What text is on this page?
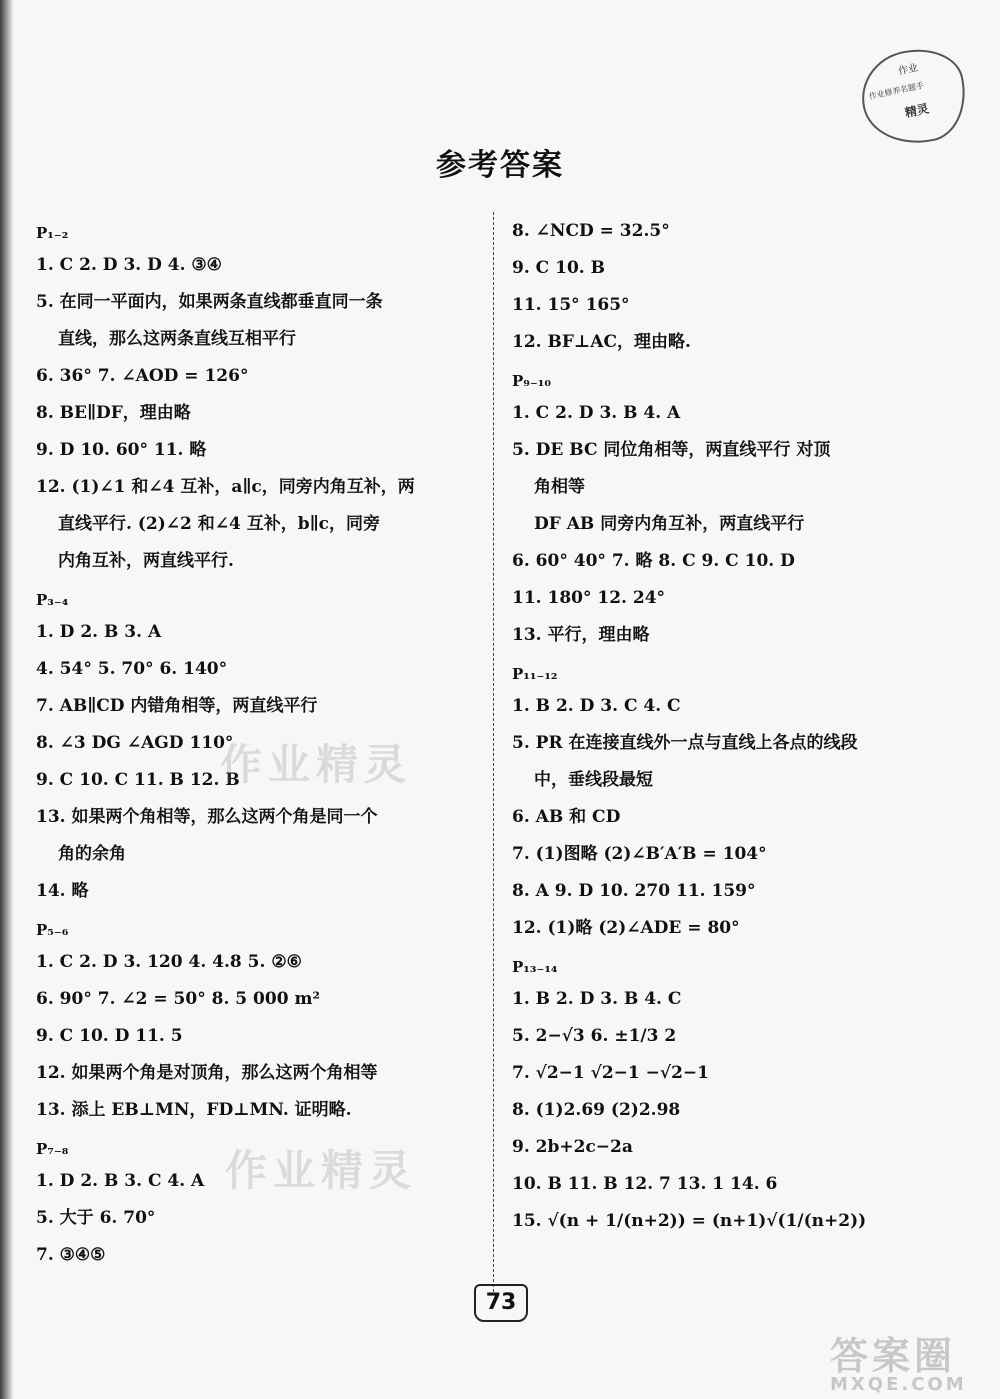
作业
作业修养名题手
精灵
参考答案
P₁₋₂
1. C 2. D 3. D 4. ③④
5. 在同一平面内，如果两条直线都垂直同一条
直线，那么这两条直线互相平行
6. 36° 7. ∠AOD = 126°
8. BE∥DF，理由略
9. D 10. 60° 11. 略
12. (1)∠1 和∠4 互补，a∥c，同旁内角互补，两
直线平行. (2)∠2 和∠4 互补，b∥c，同旁
内角互补，两直线平行.
P₃₋₄
1. D 2. B 3. A
4. 54° 5. 70° 6. 140°
7. AB∥CD 内错角相等，两直线平行
8. ∠3 DG ∠AGD 110°
9. C 10. C 11. B 12. B
13. 如果两个角相等，那么这两个角是同一个
角的余角
14. 略
P₅₋₆
1. C 2. D 3. 120 4. 4.8 5. ②⑥
6. 90° 7. ∠2 = 50° 8. 5 000 m²
9. C 10. D 11. 5
12. 如果两个角是对顶角，那么这两个角相等
13. 添上 EB⊥MN，FD⊥MN. 证明略.
P₇₋₈
1. D 2. B 3. C 4. A
5. 大于 6. 70°
7. ③④⑤
8. ∠NCD = 32.5°
9. C 10. B
11. 15° 165°
12. BF⊥AC，理由略.
P₉₋₁₀
1. C 2. D 3. B 4. A
5. DE BC 同位角相等，两直线平行 对顶
角相等
DF AB 同旁内角互补，两直线平行
6. 60° 40° 7. 略 8. C 9. C 10. D
11. 180° 12. 24°
13. 平行，理由略
P₁₁₋₁₂
1. B 2. D 3. C 4. C
5. PR 在连接直线外一点与直线上各点的线段
中，垂线段最短
6. AB 和 CD
7. (1)图略 (2)∠B′A′B = 104°
8. A 9. D 10. 270 11. 159°
12. (1)略 (2)∠ADE = 80°
P₁₃₋₁₄
1. B 2. D 3. B 4. C
5. 2−√3 6. ±1/3 2
7. √2−1 √2−1 −√2−1
8. (1)2.69 (2)2.98
9. 2b+2c−2a
10. B 11. B 12. 7 13. 1 14. 6
15. √(n + 1/(n+2)) = (n+1)√(1/(n+2))
作业精灵
作业精灵
73
答案圈
MXQE.COM
